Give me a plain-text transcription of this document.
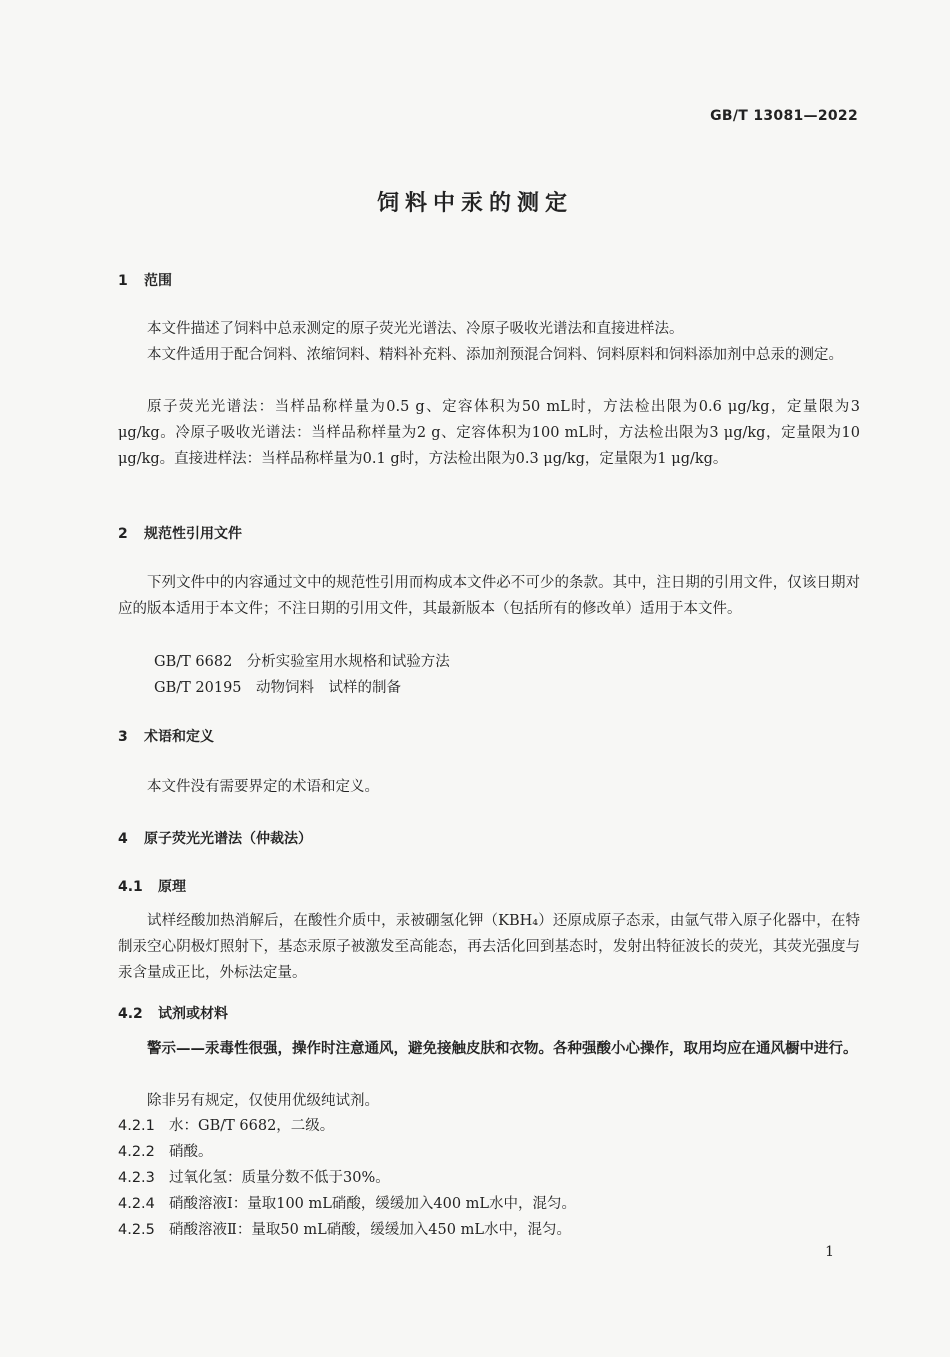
GB/T 13081—2022
饲料中汞的测定
1 范围
本文件描述了饲料中总汞测定的原子荧光光谱法、冷原子吸收光谱法和直接进样法。
本文件适用于配合饲料、浓缩饲料、精料补充料、添加剂预混合饲料、饲料原料和饲料添加剂中总汞的测定。
原子荧光光谱法：当样品称样量为0.5 g、定容体积为50 mL时，方法检出限为0.6 μg/kg，定量限为3 μg/kg。冷原子吸收光谱法：当样品称样量为2 g、定容体积为100 mL时，方法检出限为3 μg/kg，定量限为10 μg/kg。直接进样法：当样品称样量为0.1 g时，方法检出限为0.3 μg/kg，定量限为1 μg/kg。
2 规范性引用文件
下列文件中的内容通过文中的规范性引用而构成本文件必不可少的条款。其中，注日期的引用文件，仅该日期对应的版本适用于本文件；不注日期的引用文件，其最新版本（包括所有的修改单）适用于本文件。
GB/T 6682　分析实验室用水规格和试验方法
GB/T 20195　动物饲料　试样的制备
3 术语和定义
本文件没有需要界定的术语和定义。
4 原子荧光光谱法（仲裁法）
4.1 原理
试样经酸加热消解后，在酸性介质中，汞被硼氢化钾（KBH₄）还原成原子态汞，由氩气带入原子化器中，在特制汞空心阴极灯照射下，基态汞原子被激发至高能态，再去活化回到基态时，发射出特征波长的荧光，其荧光强度与汞含量成正比，外标法定量。
4.2 试剂或材料
警示——汞毒性很强，操作时注意通风，避免接触皮肤和衣物。各种强酸小心操作，取用均应在通风橱中进行。
除非另有规定，仅使用优级纯试剂。
4.2.1 水：GB/T 6682，二级。
4.2.2 硝酸。
4.2.3 过氧化氢：质量分数不低于30%。
4.2.4 硝酸溶液Ⅰ：量取100 mL硝酸，缓缓加入400 mL水中，混匀。
4.2.5 硝酸溶液Ⅱ：量取50 mL硝酸，缓缓加入450 mL水中，混匀。
1
